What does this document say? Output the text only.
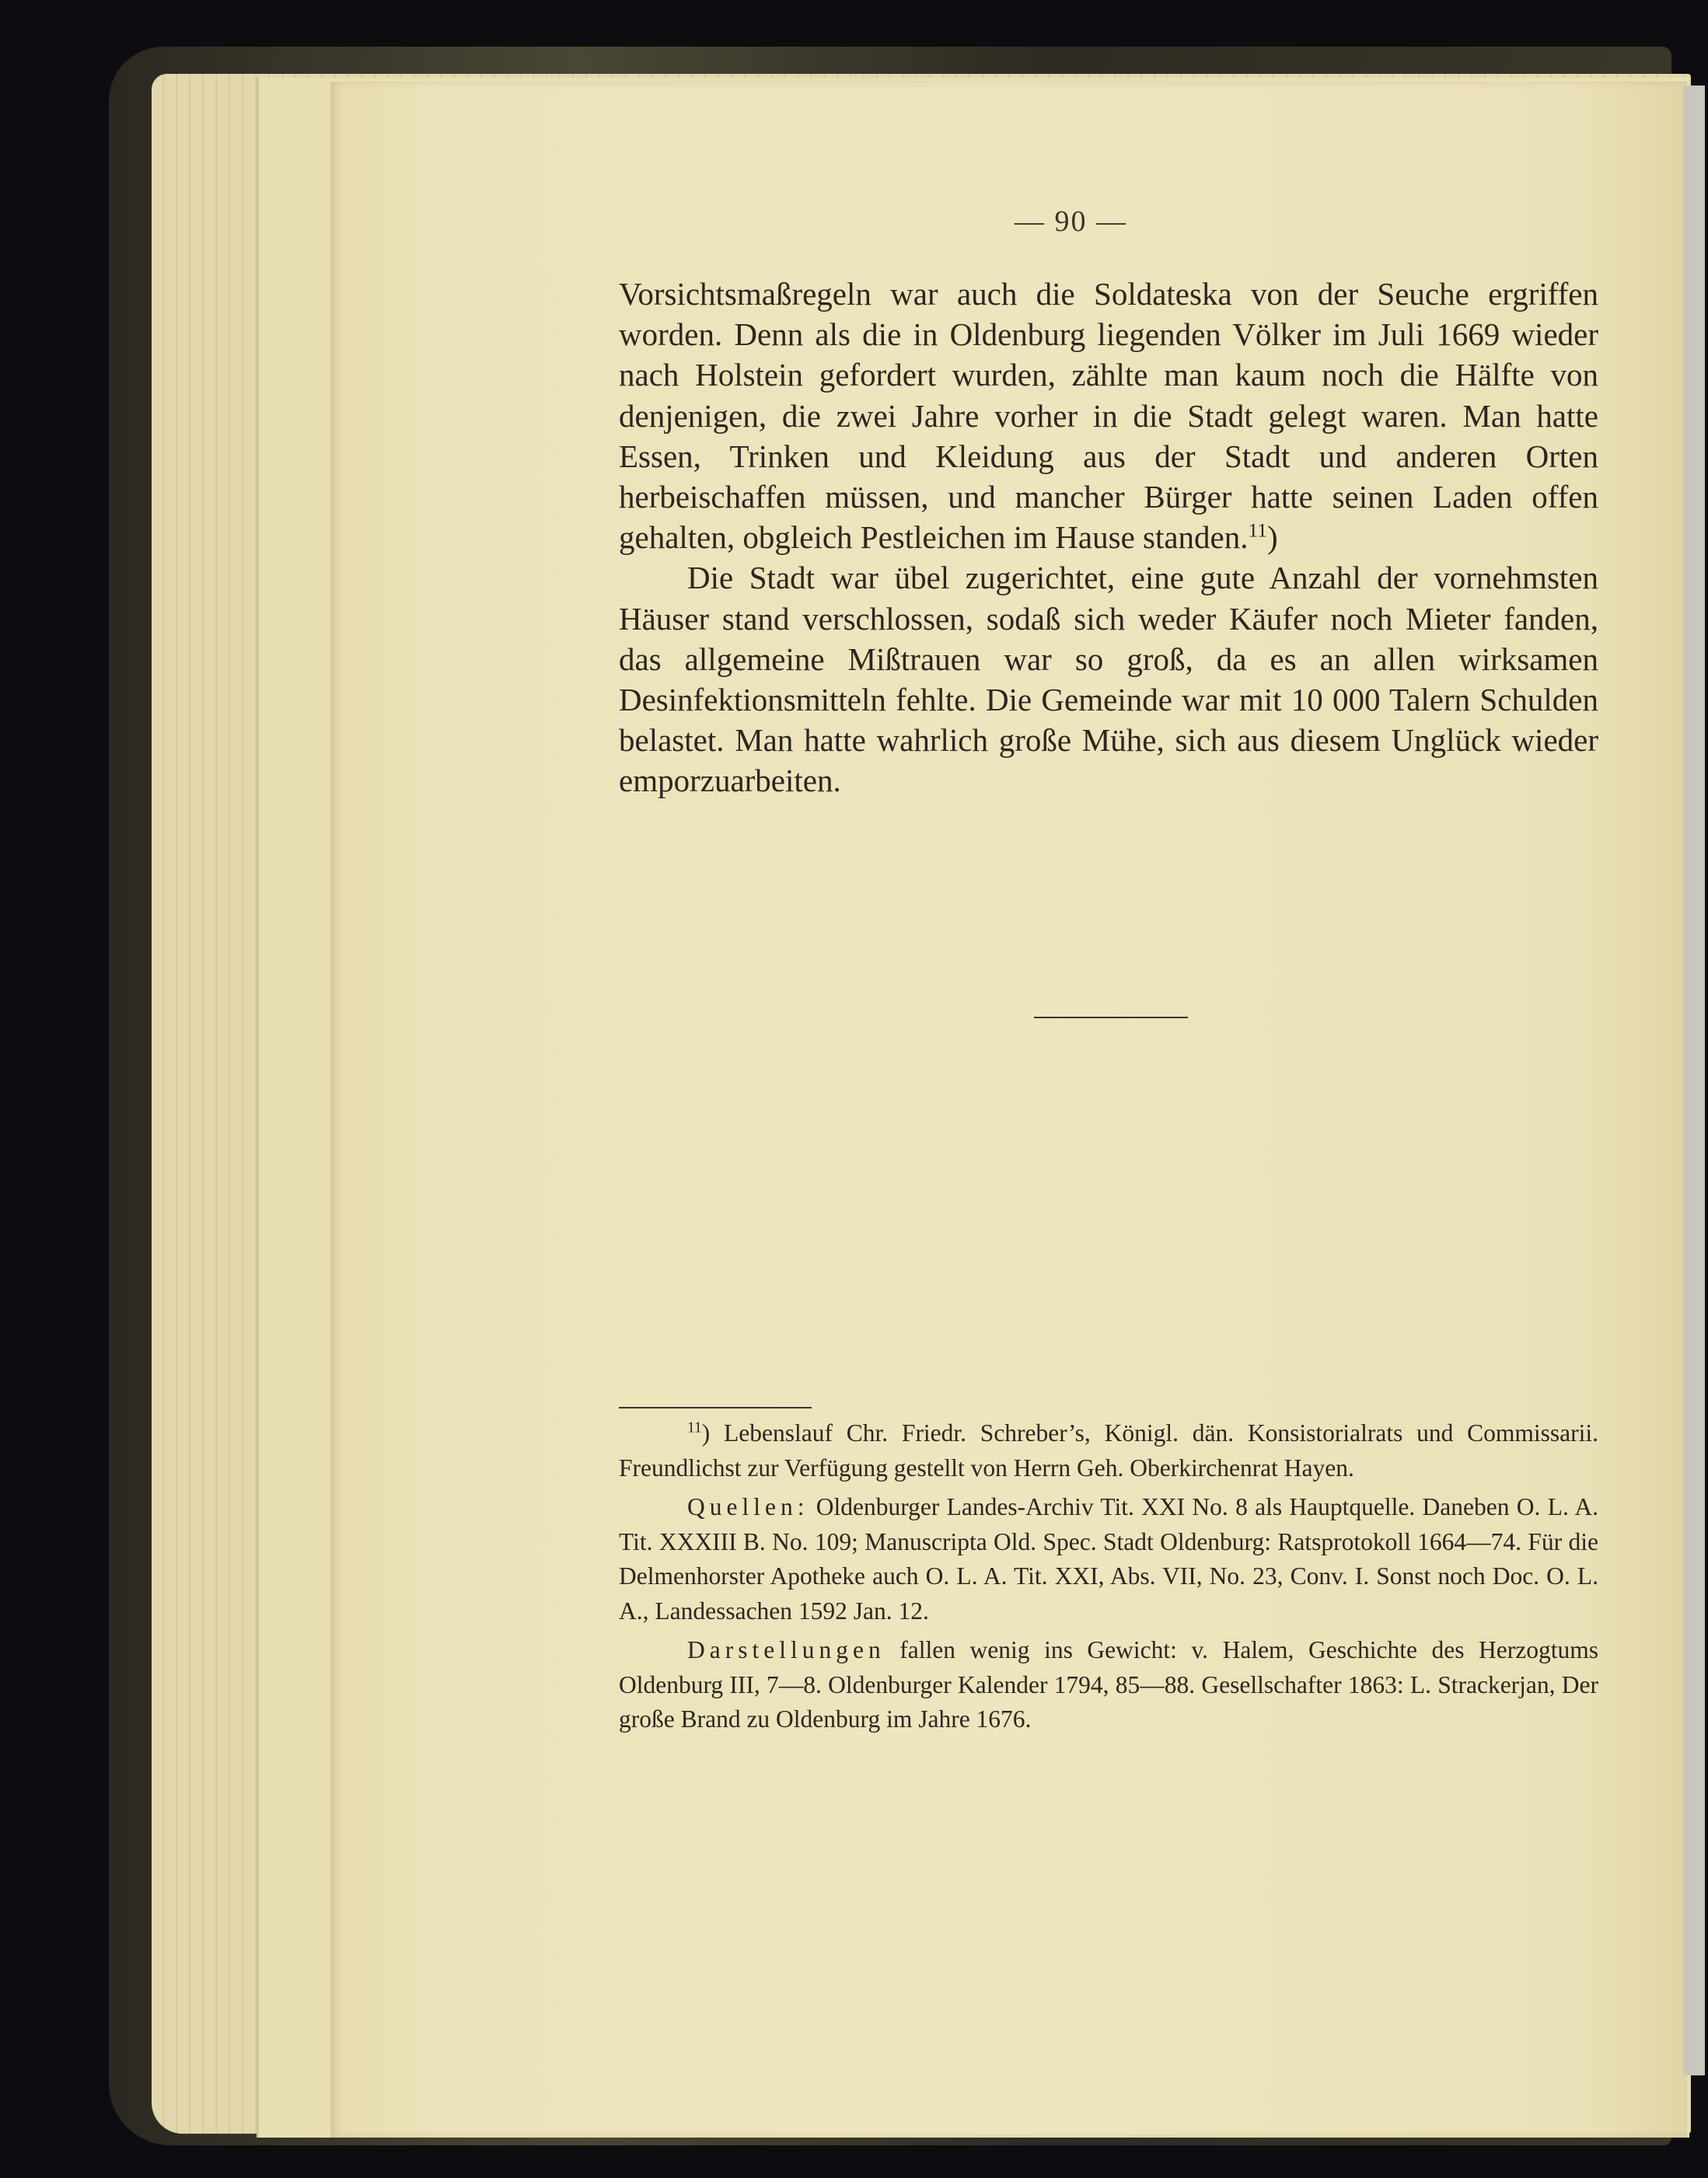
— 90 —

Vorsichtsmaßregeln war auch die Soldateska von der Seuche ergriffen worden. Denn als die in Oldenburg liegenden Völker im Juli 1669 wieder nach Holstein gefordert wurden, zählte man kaum noch die Hälfte von denjenigen, die zwei Jahre vorher in die Stadt gelegt waren. Man hatte Essen, Trinken und Kleidung aus der Stadt und anderen Orten herbeischaffen müssen, und mancher Bürger hatte seinen Laden offen gehalten, obgleich Pestleichen im Hause standen.$^{11}$)

Die Stadt war übel zugerichtet, eine gute Anzahl der vornehmsten Häuser stand verschlossen, sodaß sich weder Käufer noch Mieter fanden, das allgemeine Mißtrauen war so groß, da es an allen wirksamen Desinfektionsmitteln fehlte. Die Gemeinde war mit 10 000 Talern Schulden belastet. Man hatte wahrlich große Mühe, sich aus diesem Unglück wieder emporzuarbeiten.

$^{11}$) Lebenslauf Chr. Friedr. Schreber’s, Königl. dän. Konsistorialrats und Commissarii. Freundlichst zur Verfügung gestellt von Herrn Geh. Oberkirchenrat Hayen.

Quellen: Oldenburger Landes-Archiv Tit. XXI No. 8 als Hauptquelle. Daneben O. L. A. Tit. XXXIII B. No. 109; Manuscripta Old. Spec. Stadt Oldenburg: Ratsprotokoll 1664—74. Für die Delmenhorster Apotheke auch O. L. A. Tit. XXI, Abs. VII, No. 23, Conv. I. Sonst noch Doc. O. L. A., Landessachen 1592 Jan. 12.

Darstellungen fallen wenig ins Gewicht: v. Halem, Geschichte des Herzogtums Oldenburg III, 7—8. Oldenburger Kalender 1794, 85—88. Gesellschafter 1863: L. Strackerjan, Der große Brand zu Oldenburg im Jahre 1676.
